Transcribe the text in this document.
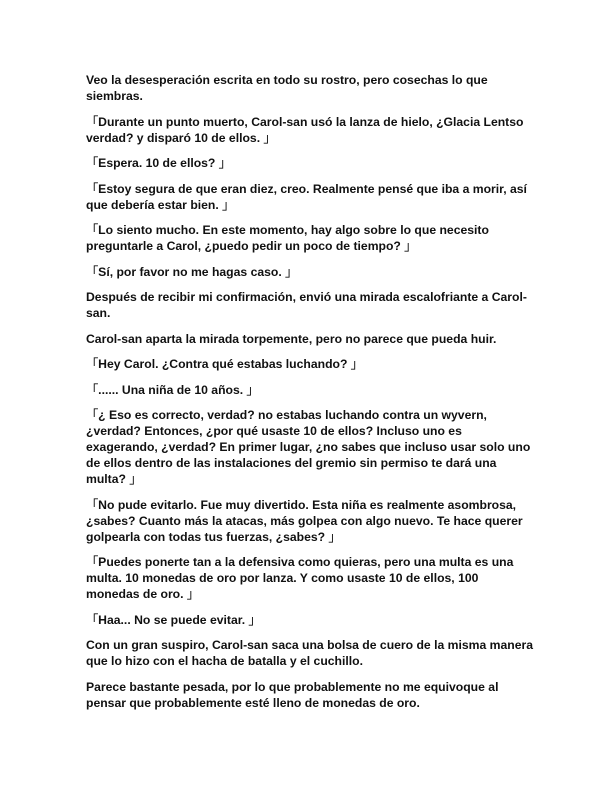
Veo la desesperación escrita en todo su rostro, pero cosechas lo que siembras.

「Durante un punto muerto, Carol-san usó la lanza de hielo, ¿Glacia Lentso verdad? y disparó 10 de ellos. 」

「Espera. 10 de ellos? 」

「Estoy segura de que eran diez, creo. Realmente pensé que iba a morir, así que debería estar bien. 」

「Lo siento mucho. En este momento, hay algo sobre lo que necesito preguntarle a Carol, ¿puedo pedir un poco de tiempo? 」

「Sí, por favor no me hagas caso. 」

Después de recibir mi confirmación, envió una mirada escalofriante a Carol-san.

Carol-san aparta la mirada torpemente, pero no parece que pueda huir.

「Hey Carol. ¿Contra qué estabas luchando? 」

「...... Una niña de 10 años. 」

「¿ Eso es correcto, verdad? no estabas luchando contra un wyvern, ¿verdad? Entonces, ¿por qué usaste 10 de ellos? Incluso uno es exagerando, ¿verdad? En primer lugar, ¿no sabes que incluso usar solo uno de ellos dentro de las instalaciones del gremio sin permiso te dará una multa? 」

「No pude evitarlo. Fue muy divertido. Esta niña es realmente asombrosa, ¿sabes? Cuanto más la atacas, más golpea con algo nuevo. Te hace querer golpearla con todas tus fuerzas, ¿sabes? 」

「Puedes ponerte tan a la defensiva como quieras, pero una multa es una multa. 10 monedas de oro por lanza. Y como usaste 10 de ellos, 100 monedas de oro. 」

「Haa... No se puede evitar. 」

Con un gran suspiro, Carol-san saca una bolsa de cuero de la misma manera que lo hizo con el hacha de batalla y el cuchillo.

Parece bastante pesada, por lo que probablemente no me equivoque al pensar que probablemente esté lleno de monedas de oro.
